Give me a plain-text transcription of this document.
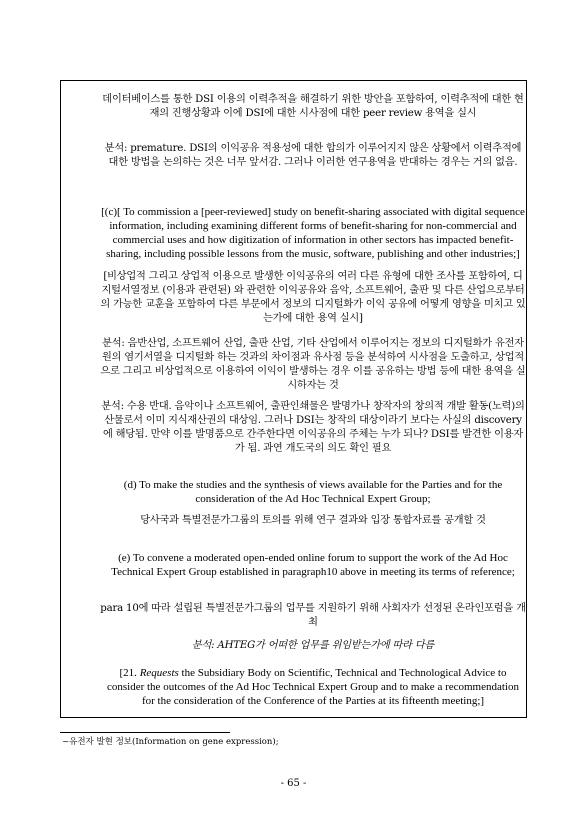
데이터베이스를 통한 DSI 이용의 이력추적을 해결하기 위한 방안을 포함하여, 이력추적에 대한 현재의 진행상황과 이에 DSI에 대한 시사점에 대한 peer review 용역을 실시

분석: premature. DSI의 이익공유 적용성에 대한 합의가 이루어지지 않은 상황에서 이력추적에 대한 방법을 논의하는 것은 너무 앞서감. 그러나 이러한 연구용역을 반대하는 경우는 거의 없음.

[(c)[ To commission a [peer-reviewed] study on benefit-sharing associated with digital sequence information, including examining different forms of benefit-sharing for non-commercial and commercial uses and how digitization of information in other sectors has impacted benefit-sharing, including possible lessons from the music, software, publishing and other industries;]

[비상업적 그리고 상업적 이용으로 발생한 이익공유의 여러 다른 유형에 대한 조사를 포함하여, 디지털서열정보 (이용과 관련된) 와 관련한 이익공유와 음악, 소프트웨어, 출판 및 다른 산업으로부터의 가능한 교훈을 포함하여 다른 부문에서 정보의 디지털화가 이익 공유에 어떻게 영향을 미치고 있는가에 대한 용역 실시]

분석: 음반산업, 소프트웨어 산업, 출판 산업, 기타 산업에서 이루어지는 정보의 디지털화가 유전자원의 염기서열을 디지털화 하는 것과의 차이점과 유사점 등을 분석하여 시사점을 도출하고, 상업적으로 그리고 비상업적으로 이용하여 이익이 발생하는 경우 이를 공유하는 방법 등에 대한 용역을 실시하자는 것

분석: 수용 반대. 음악이나 소프트웨어, 출판인쇄물은 발명가나 창작자의 창의적 개발 활동(노력)의 산물로서 이미 지식재산권의 대상임. 그러나 DSI는 창작의 대상이라기 보다는 사실의 discovery에 해당됨. 만약 이를 발명품으로 간주한다면 이익공유의 주체는 누가 되나? DSI를 발견한 이용자가 됨. 과연 개도국의 의도 확인 필요

(d) To make the studies and the synthesis of views available for the Parties and for the consideration of the Ad Hoc Technical Expert Group;

당사국과 특별전문가그룹의 토의를 위해 연구 결과와 입장 통합자료를 공개할 것

(e) To convene a moderated open-ended online forum to support the work of the Ad Hoc Technical Expert Group established in paragraph10 above in meeting its terms of reference;

para 10에 따라 설립된 특별전문가그룹의 업무를 지원하기 위해 사회자가 선정된 온라인포럼을 개최

분석: AHTEG가 어떠한 업무를 위임받는가에 따라 다름

[21. Requests the Subsidiary Body on Scientific, Technical and Technological Advice to consider the outcomes of the Ad Hoc Technical Expert Group and to make a recommendation for the consideration of the Conference of the Parties at its fifteenth meeting;]

~유전자 발현 정보(Information on gene expression);
- 65 -
